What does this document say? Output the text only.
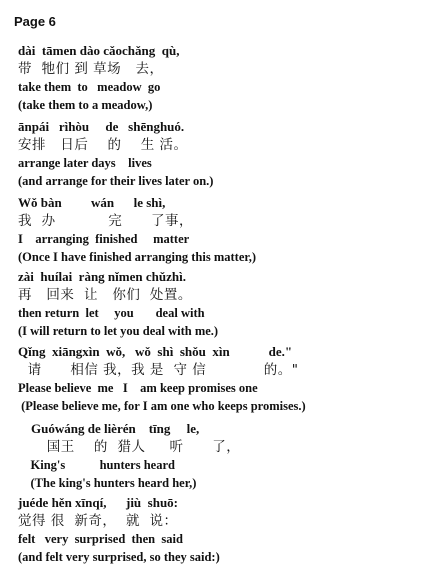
Page 6
dài  tāmen dào cǎochǎng  qù,
带  牠们 到 草场   去，
take them  to   meadow  go
(take them to a meadow,)
ānpái   rìhòu     de   shēnghuó.
安排   日后    的    生 活。
arrange later days    lives
(and arrange for their lives later on.)
Wǒ bàn         wán      le shì,
我  办           完      了事，
I    arranging  finished     matter
(Once I have finished arranging this matter,)
zài  huílai  ràng nǐmen chǔzhì.
再   回来  让   你们  处置。
then return  let     you       deal with
(I will return to let you deal with me.)
Qǐng  xiāngxìn  wǒ,   wǒ  shì  shǒu  xìn            de."
请      相信 我，我 是  守 信            的。"
Please believe  me   I    am keep promises one
(Please believe me, for I am one who keeps promises.)
Guówáng de lièrén    tīng     le,
国王    的  猎人     听      了，
King's           hunters heard
(The king's hunters heard her,)
juéde hěn xīnqí,      jiù  shuō:
觉得 很  新奇，  就  说：
felt   very  surprised  then  said
(and felt very surprised, so they said:)
